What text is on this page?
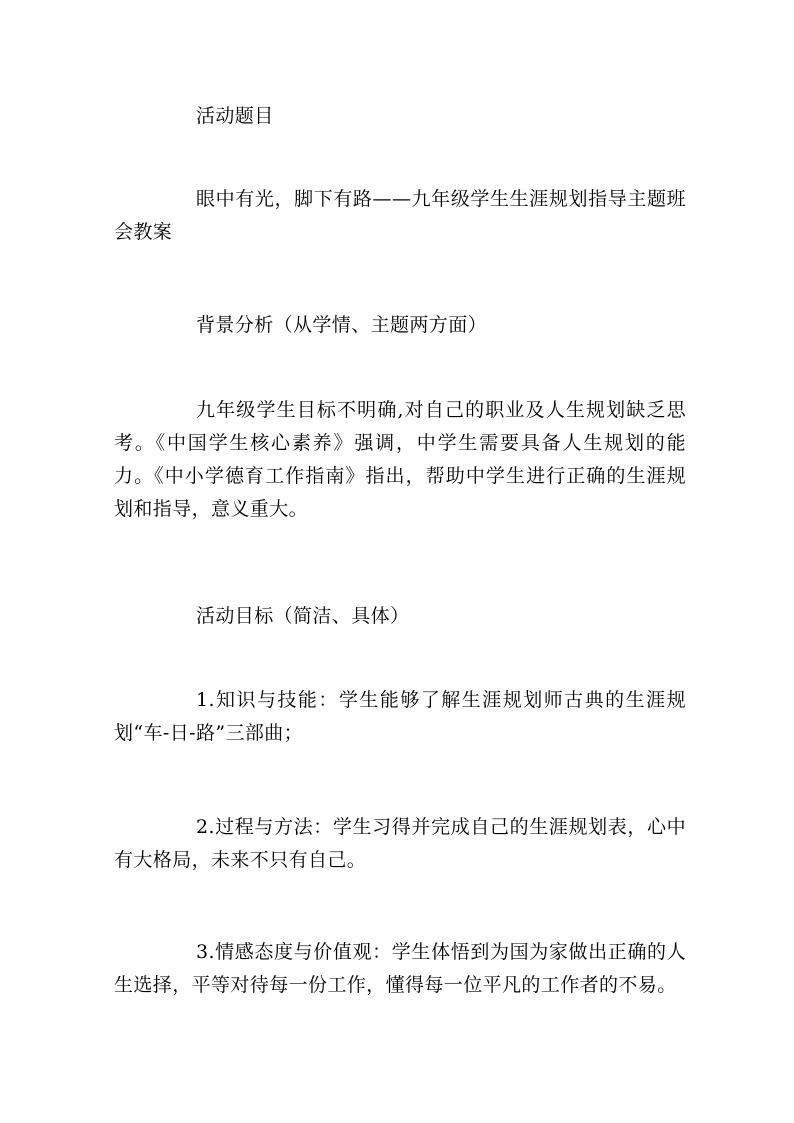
活动题目
眼中有光，脚下有路——九年级学生生涯规划指导主题班会教案
背景分析（从学情、主题两方面）
九年级学生目标不明确,对自己的职业及人生规划缺乏思考。《中国学生核心素养》强调，中学生需要具备人生规划的能力。《中小学德育工作指南》指出，帮助中学生进行正确的生涯规划和指导，意义重大。
活动目标（简洁、具体）
1.知识与技能：学生能够了解生涯规划师古典的生涯规划“车-日-路”三部曲；
2.过程与方法：学生习得并完成自己的生涯规划表，心中有大格局，未来不只有自己。
3.情感态度与价值观：学生体悟到为国为家做出正确的人生选择，平等对待每一份工作，懂得每一位平凡的工作者的不易。
